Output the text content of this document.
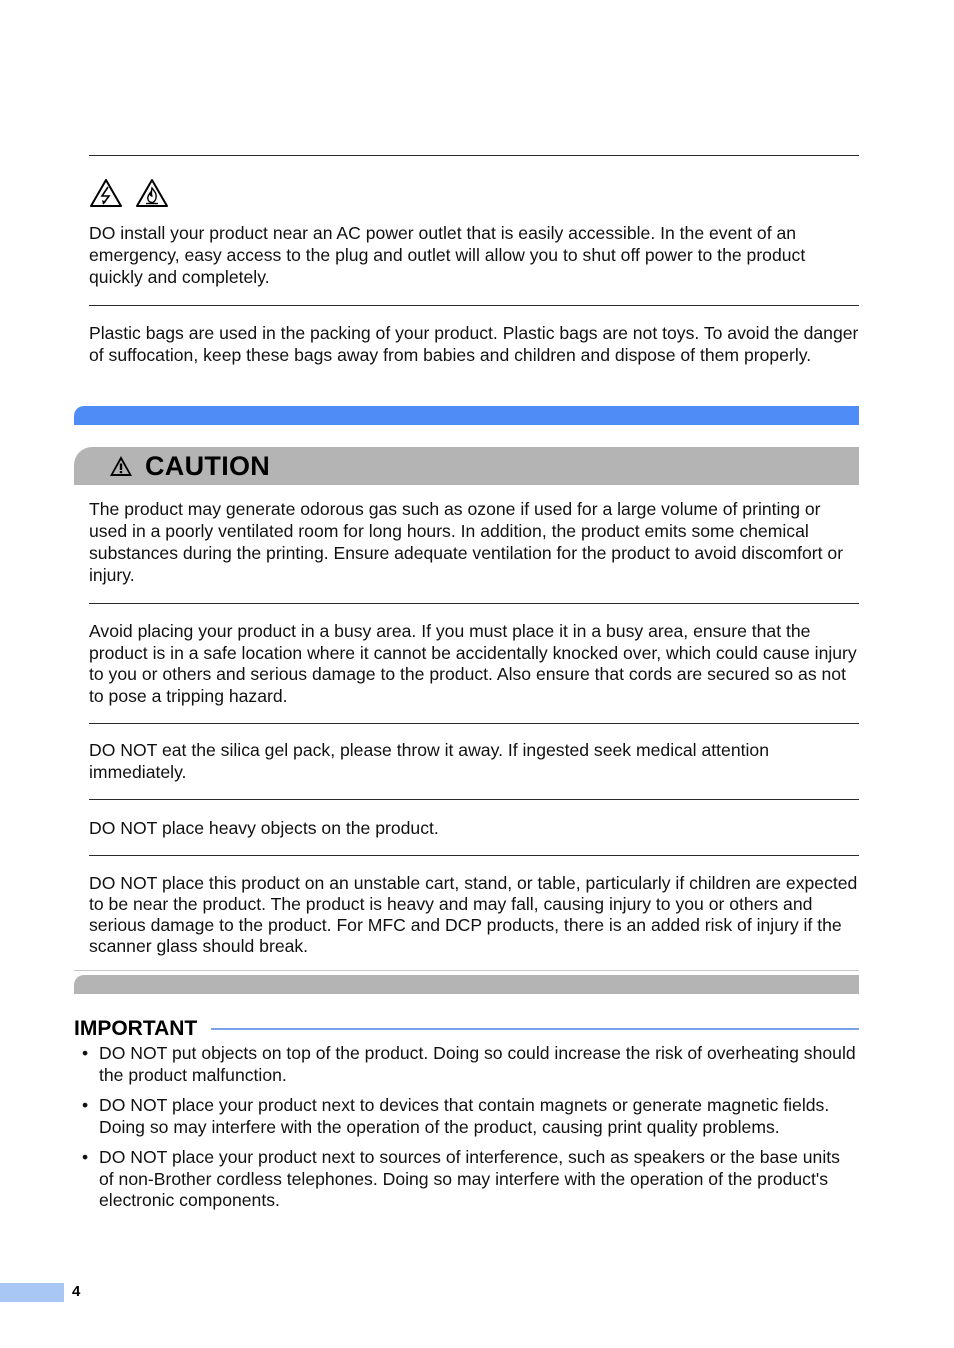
DO install your product near an AC power outlet that is easily accessible. In the event of an emergency, easy access to the plug and outlet will allow you to shut off power to the product quickly and completely.
Plastic bags are used in the packing of your product. Plastic bags are not toys. To avoid the danger of suffocation, keep these bags away from babies and children and dispose of them properly.
CAUTION
The product may generate odorous gas such as ozone if used for a large volume of printing or used in a poorly ventilated room for long hours. In addition, the product emits some chemical substances during the printing. Ensure adequate ventilation for the product to avoid discomfort or injury.
Avoid placing your product in a busy area. If you must place it in a busy area, ensure that the product is in a safe location where it cannot be accidentally knocked over, which could cause injury to you or others and serious damage to the product. Also ensure that cords are secured so as not to pose a tripping hazard.
DO NOT eat the silica gel pack, please throw it away. If ingested seek medical attention immediately.
DO NOT place heavy objects on the product.
DO NOT place this product on an unstable cart, stand, or table, particularly if children are expected to be near the product. The product is heavy and may fall, causing injury to you or others and serious damage to the product. For MFC and DCP products, there is an added risk of injury if the scanner glass should break.
IMPORTANT
• DO NOT put objects on top of the product. Doing so could increase the risk of overheating should the product malfunction.
• DO NOT place your product next to devices that contain magnets or generate magnetic fields. Doing so may interfere with the operation of the product, causing print quality problems.
• DO NOT place your product next to sources of interference, such as speakers or the base units of non-Brother cordless telephones. Doing so may interfere with the operation of the product's electronic components.
4
